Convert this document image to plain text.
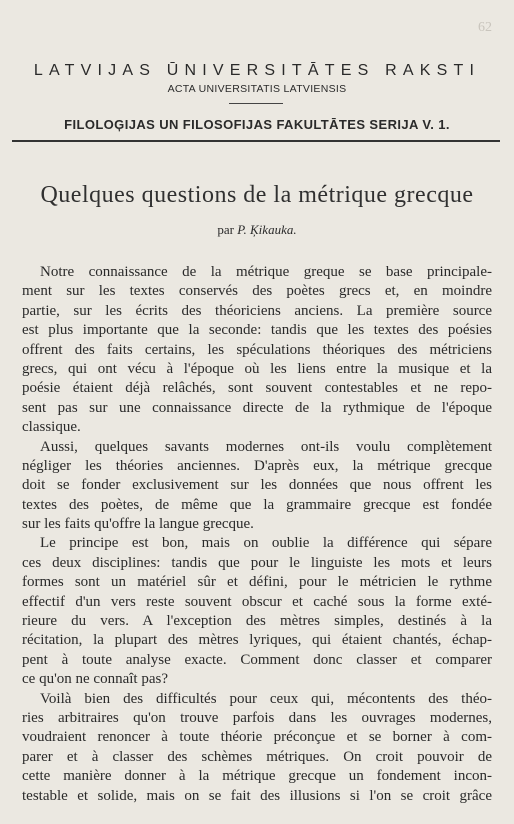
62
LATVIJAS ŪNIVERSITĀTES RAKSTI
ACTA UNIVERSITATIS LATVIENSIS
FILOLOĢIJAS UN FILOSOFIJAS FAKULTĀTES SERIJA V. 1.
Quelques questions de la métrique grecque
par P. Ķikauka.
Notre connaissance de la métrique greque se base principale-
ment sur les textes conservés des poètes grecs et, en moindre
partie, sur les écrits des théoriciens anciens. La première source
est plus importante que la seconde: tandis que les textes des poésies
offrent des faits certains, les spéculations théoriques des métriciens
grecs, qui ont vécu à l'époque où les liens entre la musique et la
poésie étaient déjà relâchés, sont souvent contestables et ne repo-
sent pas sur une connaissance directe de la rythmique de l'époque
classique.
Aussi, quelques savants modernes ont-ils voulu complètement
négliger les théories anciennes. D'après eux, la métrique grecque
doit se fonder exclusivement sur les données que nous offrent les
textes des poètes, de même que la grammaire grecque est fondée
sur les faits qu'offre la langue grecque.
Le principe est bon, mais on oublie la différence qui sépare
ces deux disciplines: tandis que pour le linguiste les mots et leurs
formes sont un matériel sûr et défini, pour le métricien le rythme
effectif d'un vers reste souvent obscur et caché sous la forme exté-
rieure du vers. A l'exception des mètres simples, destinés à la
récitation, la plupart des mètres lyriques, qui étaient chantés, échap-
pent à toute analyse exacte. Comment donc classer et comparer
ce qu'on ne connaît pas?
Voilà bien des difficultés pour ceux qui, mécontents des théo-
ries arbitraires qu'on trouve parfois dans les ouvrages modernes,
voudraient renoncer à toute théorie préconçue et se borner à com-
parer et à classer des schèmes métriques. On croit pouvoir de
cette manière donner à la métrique grecque un fondement incon-
testable et solide, mais on se fait des illusions si l'on se croit grâce
